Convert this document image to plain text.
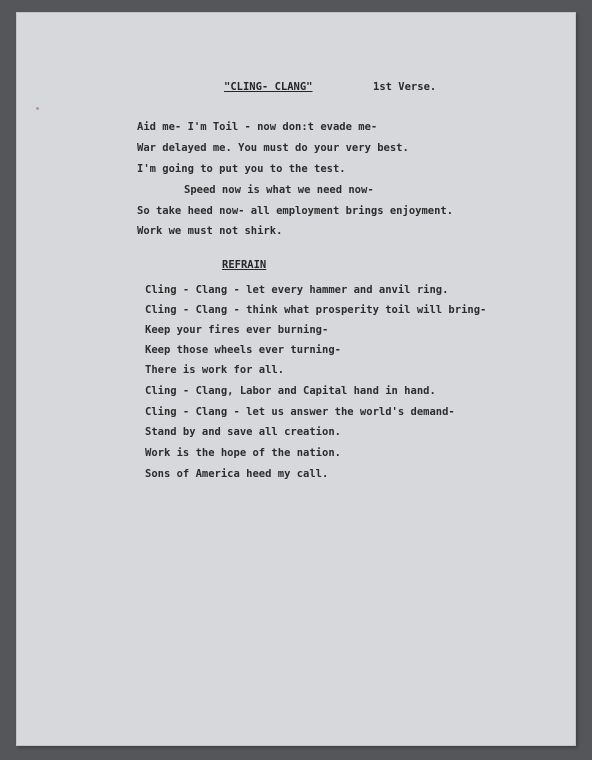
"CLING- CLANG"	1st Verse.
Aid me- I'm Toil - now don:t evade me-
War delayed me. You must do your very best.
I'm going to put you to the test.
Speed now is what we need now-
So take heed now- all employment brings enjoyment.
Work we must not shirk.
REFRAIN
Cling - Clang - let every hammer and anvil ring.
Cling - Clang - think what prosperity toil will bring-
Keep your fires ever burning-
Keep those wheels ever turning-
There is work for all.
Cling - Clang, Labor and Capital hand in hand.
Cling - Clang - let us answer the world's demand-
Stand by and save all creation.
Work is the hope of the nation.
Sons of America heed my call.
